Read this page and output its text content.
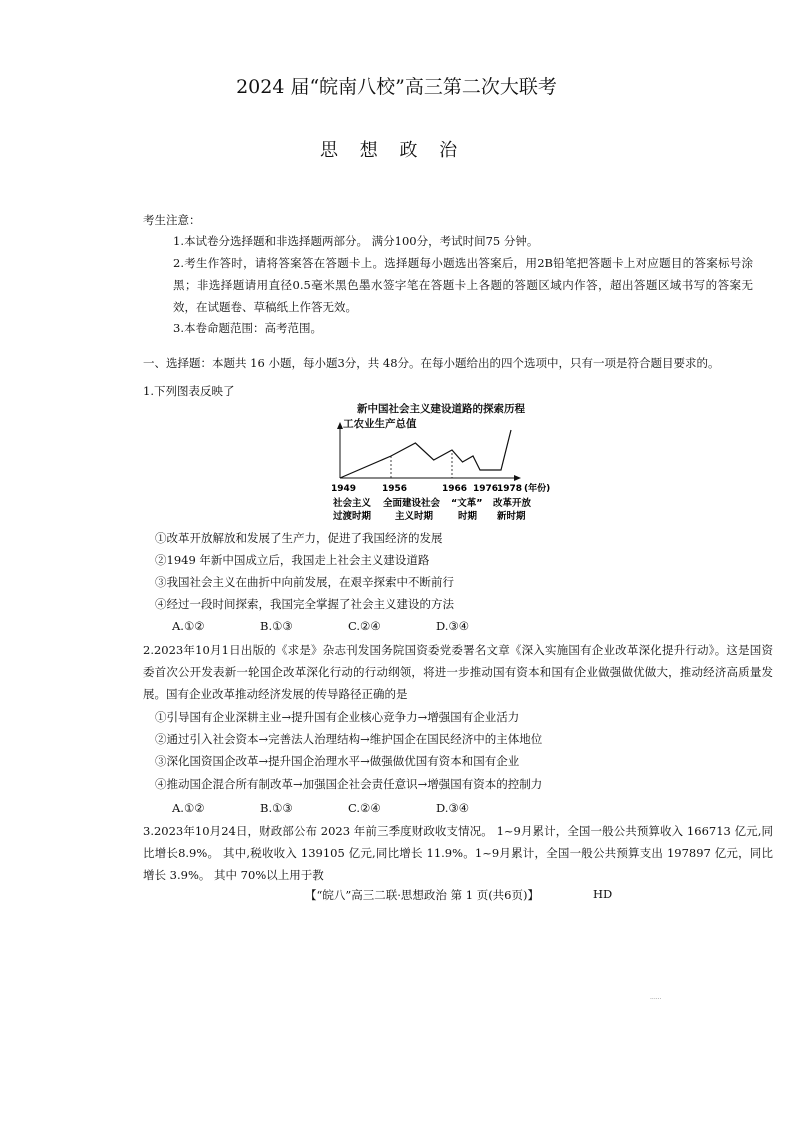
2024 届“皖南八校”高三第二次大联考
思 想 政 治
考生注意：
1.本试卷分选择题和非选择题两部分。 满分100分，考试时间75 分钟。
2.考生作答时，请将答案答在答题卡上。选择题每小题选出答案后，用2B铅笔把答题卡上对应题目的答案标号涂黑；非选择题请用直径0.5毫米黑色墨水签字笔在答题卡上各题的答题区域内作答，超出答题区域书写的答案无效，在试题卷、草稿纸上作答无效。
3.本卷命题范围：高考范围。
一、选择题：本题共 16 小题，每小题3分，共 48分。在每小题给出的四个选项中，只有一项是符合题目要求的。
1.下列图表反映了
新中国社会主义建设道路的探索历程
工农业生产总值
1949	1956	1966 1976
1978 (年份)
社会主义
过渡时期
全面建设社会
主义时期
“文革”
时期
改革开放
新时期
①改革开放解放和发展了生产力，促进了我国经济的发展
②1949 年新中国成立后，我国走上社会主义建设道路
③我国社会主义在曲折中向前发展，在艰辛探索中不断前行
④经过一段时间探索，我国完全掌握了社会主义建设的方法
A.①②	B.①③	C.②④	D.③④
2.2023年10月1日出版的《求是》杂志刊发国务院国资委党委署名文章《深入实施国有企业改革深化提升行动》。这是国资委首次公开发表新一轮国企改革深化行动的行动纲领，将进一步推动国有资本和国有企业做强做优做大，推动经济高质量发展。国有企业改革推动经济发展的传导路径正确的是
①引导国有企业深耕主业→提升国有企业核心竞争力→增强国有企业活力
②通过引入社会资本→完善法人治理结构→维护国企在国民经济中的主体地位
③深化国资国企改革→提升国企治理水平→做强做优国有资本和国有企业
④推动国企混合所有制改革→加强国企社会责任意识→增强国有资本的控制力
A.①②	B.①③	C.②④	D.③④
3.2023年10月24日，财政部公布 2023 年前三季度财政收支情况。 1~9月累计，全国一般公共预算收入 166713 亿元,同比增长8.9%。 其中,税收收入 139105 亿元,同比增长 11.9%。1~9月累计，全国一般公共预算支出 197897 亿元，同比增长 3.9%。 其中 70%以上用于教
【“皖八”高三二联·思想政治 第 1 页(共6页)】	HD
......
